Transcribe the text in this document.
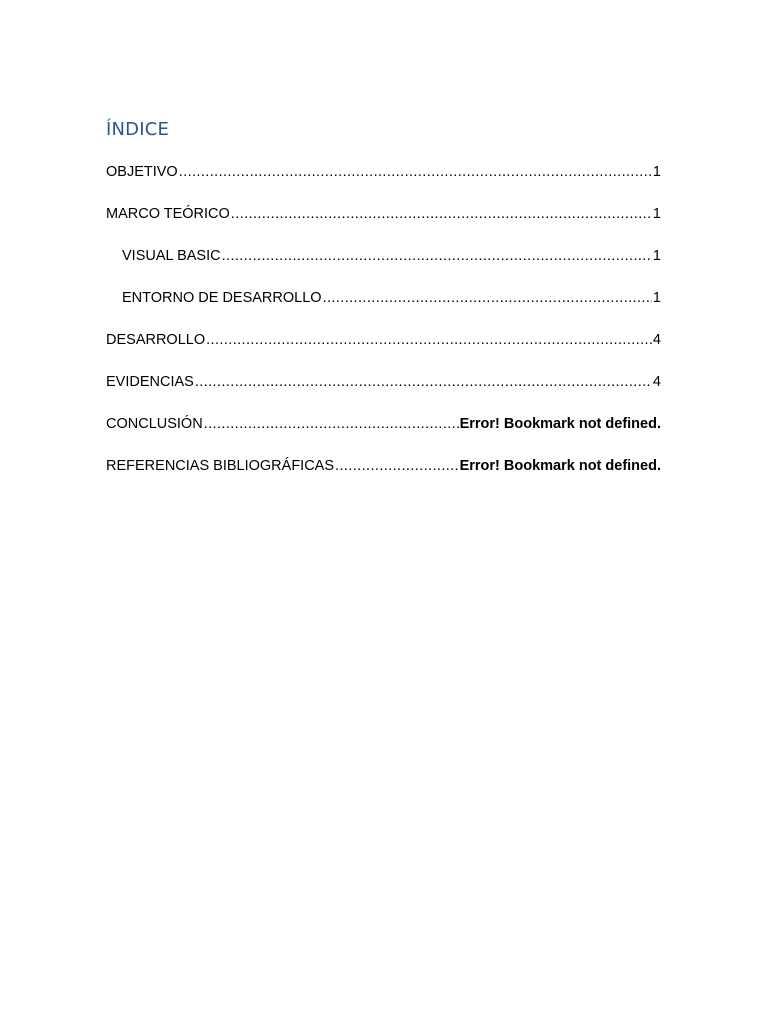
ÍNDICE
OBJETIVO .....	1
MARCO TEÓRICO .....	1
VISUAL BASIC .....	1
ENTORNO DE DESARROLLO .....	1
DESARROLLO .....	4
EVIDENCIAS .....	4
CONCLUSIÓN .....	Error! Bookmark not defined.
REFERENCIAS BIBLIOGRÁFICAS .....	Error! Bookmark not defined.
